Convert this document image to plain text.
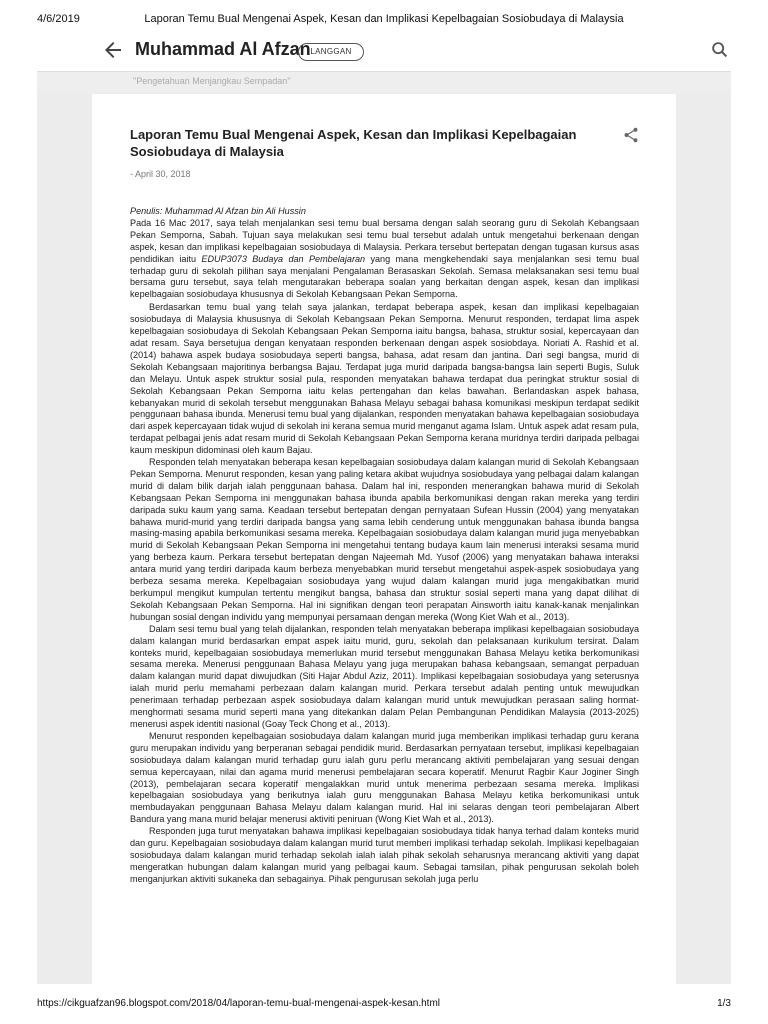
4/6/2019	Laporan Temu Bual Mengenai Aspek, Kesan dan Implikasi Kepelbagaian Sosiobudaya di Malaysia
Muhammad Al Afzan LANGGAN
"Pengetahuan Menjangkau Sempadan"
Laporan Temu Bual Mengenai Aspek, Kesan dan Implikasi Kepelbagaian Sosiobudaya di Malaysia
- April 30, 2018

Penulis: Muhammad Al Afzan bin Ali Hussin

Pada 16 Mac 2017, saya telah menjalankan sesi temu bual bersama dengan salah seorang guru di Sekolah Kebangsaan Pekan Semporna, Sabah. Tujuan saya melakukan sesi temu bual tersebut adalah untuk mengetahui berkenaan dengan aspek, kesan dan implikasi kepelbagaian sosiobudaya di Malaysia. Perkara tersebut bertepatan dengan tugasan kursus asas pendidikan iaitu EDUP3073 Budaya dan Pembelajaran yang mana mengkehendaki saya menjalankan sesi temu bual terhadap guru di sekolah pilihan saya menjalani Pengalaman Berasaskan Sekolah. Semasa melaksanakan sesi temu bual bersama guru tersebut, saya telah mengutarakan beberapa soalan yang berkaitan dengan aspek, kesan dan implikasi kepelbagaian sosiobudaya khususnya di Sekolah Kebangsaan Pekan Semporna.

Berdasarkan temu bual yang telah saya jalankan, terdapat beberapa aspek, kesan dan implikasi kepelbagaian sosiobudaya di Malaysia khususnya di Sekolah Kebangsaan Pekan Semporna. Menurut responden, terdapat lima aspek kepelbagaian sosiobudaya di Sekolah Kebangsaan Pekan Semporna iaitu bangsa, bahasa, struktur sosial, kepercayaan dan adat resam. Saya bersetujua dengan kenyataan responden berkenaan dengan aspek sosiobdaya. Noriati A. Rashid et al. (2014) bahawa aspek budaya sosiobudaya seperti bangsa, bahasa, adat resam dan jantina. Dari segi bangsa, murid di Sekolah Kebangsaan majoritinya berbangsa Bajau. Terdapat juga murid daripada bangsa-bangsa lain seperti Bugis, Suluk dan Melayu. Untuk aspek struktur sosial pula, responden menyatakan bahawa terdapat dua peringkat struktur sosial di Sekolah Kebangsaan Pekan Semporna iaitu kelas pertengahan dan kelas bawahan. Berlandaskan aspek bahasa, kebanyakan murid di sekolah tersebut menggunakan Bahasa Melayu sebagai bahasa komunikasi meskipun terdapat sedikit penggunaan bahasa ibunda. Menerusi temu bual yang dijalankan, responden menyatakan bahawa kepelbagaian sosiobudaya dari aspek kepercayaan tidak wujud di sekolah ini kerana semua murid menganut agama Islam. Untuk aspek adat resam pula, terdapat pelbagai jenis adat resam murid di Sekolah Kebangsaan Pekan Semporna kerana muridnya terdiri daripada pelbagai kaum meskipun didominasi oleh kaum Bajau.

Responden telah menyatakan beberapa kesan kepelbagaian sosiobudaya dalam kalangan murid di Sekolah Kebangsaan Pekan Semporna. Menurut responden, kesan yang paling ketara akibat wujudnya sosiobudaya yang pelbagai dalam kalangan murid di dalam bilik darjah ialah penggunaan bahasa. Dalam hal ini, responden menerangkan bahawa murid di Sekolah Kebangsaan Pekan Semporna ini menggunakan bahasa ibunda apabila berkomunikasi dengan rakan mereka yang terdiri daripada suku kaum yang sama. Keadaan tersebut bertepatan dengan pernyataan Sufean Hussin (2004) yang menyatakan bahawa murid-murid yang terdiri daripada bangsa yang sama lebih cenderung untuk menggunakan bahasa ibunda bangsa masing-masing apabila berkomunikasi sesama mereka. Kepelbagaian sosiobudaya dalam kalangan murid juga menyebabkan murid di Sekolah Kebangsaan Pekan Semporna ini mengetahui tentang budaya kaum lain menerusi interaksi sesama murid yang berbeza kaum. Perkara tersebut bertepatan dengan Najeemah Md. Yusof (2006) yang menyatakan bahawa interaksi antara murid yang terdiri daripada kaum berbeza menyebabkan murid tersebut mengetahui aspek-aspek sosiobudaya yang berbeza sesama mereka. Kepelbagaian sosiobudaya yang wujud dalam kalangan murid juga mengakibatkan murid berkumpul mengikut kumpulan tertentu mengikut bangsa, bahasa dan struktur sosial seperti mana yang dapat dilihat di Sekolah Kebangsaan Pekan Semporna. Hal ini signifikan dengan teori perapatan Ainsworth iaitu kanak-kanak menjalinkan hubungan sosial dengan individu yang mempunyai persamaan dengan mereka (Wong Kiet Wah et al., 2013).

Dalam sesi temu bual yang telah dijalankan, responden telah menyatakan beberapa implikasi kepelbagaian sosiobudaya dalam kalangan murid berdasarkan empat aspek iaitu murid, guru, sekolah dan pelaksanaan kurikulum tersirat. Dalam konteks murid, kepelbagaian sosiobudaya memerlukan murid tersebut menggunakan Bahasa Melayu ketika berkomunikasi sesama mereka. Menerusi penggunaan Bahasa Melayu yang juga merupakan bahasa kebangsaan, semangat perpaduan dalam kalangan murid dapat diwujudkan (Siti Hajar Abdul Aziz, 2011). Implikasi kepelbagaian sosiobudaya yang seterusnya ialah murid perlu memahami perbezaan dalam kalangan murid. Perkara tersebut adalah penting untuk mewujudkan penerimaan terhadap perbezaan aspek sosiobudaya dalam kalangan murid untuk mewujudkan perasaan saling hormat-menghormati sesama murid seperti mana yang ditekankan dalam Pelan Pembangunan Pendidikan Malaysia (2013-2025) menerusi aspek identiti nasional (Goay Teck Chong et al., 2013).

Menurut responden kepelbagaian sosiobudaya dalam kalangan murid juga memberikan implikasi terhadap guru kerana guru merupakan individu yang berperanan sebagai pendidik murid. Berdasarkan pernyataan tersebut, implikasi kepelbagaian sosiobudaya dalam kalangan murid terhadap guru ialah guru perlu merancang aktiviti pembelajaran yang sesuai dengan semua kepercayaan, nilai dan agama murid menerusi pembelajaran secara koperatif. Menurut Ragbir Kaur Joginer Singh (2013), pembelajaran secara koperatif mengalakkan murid untuk menerima perbezaan sesama mereka. Implikasi kepelbagaian sosiobudaya yang berikutnya ialah guru menggunakan Bahasa Melayu ketika berkomunikasi untuk membudayakan penggunaan Bahasa Melayu dalam kalangan murid. Hal ini selaras dengan teori pembelajaran Albert Bandura yang mana murid belajar menerusi aktiviti peniruan (Wong Kiet Wah et al., 2013).

Responden juga turut menyatakan bahawa implikasi kepelbagaian sosiobudaya tidak hanya terhad dalam konteks murid dan guru. Kepelbagaian sosiobudaya dalam kalangan murid turut memberi implikasi terhadap sekolah. Implikasi kepelbagaian sosiobudaya dalam kalangan murid terhadap sekolah ialah ialah pihak sekolah seharusnya merancang aktiviti yang dapat mengeratkan hubungan dalam kalangan murid yang pelbagai kaum. Sebagai tamsilan, pihak pengurusan sekolah boleh menganjurkan aktiviti sukaneka dan sebagainya. Pihak pengurusan sekolah juga perlu

https://cikguafzan96.blogspot.com/2018/04/laporan-temu-bual-mengenai-aspek-kesan.html	1/3
